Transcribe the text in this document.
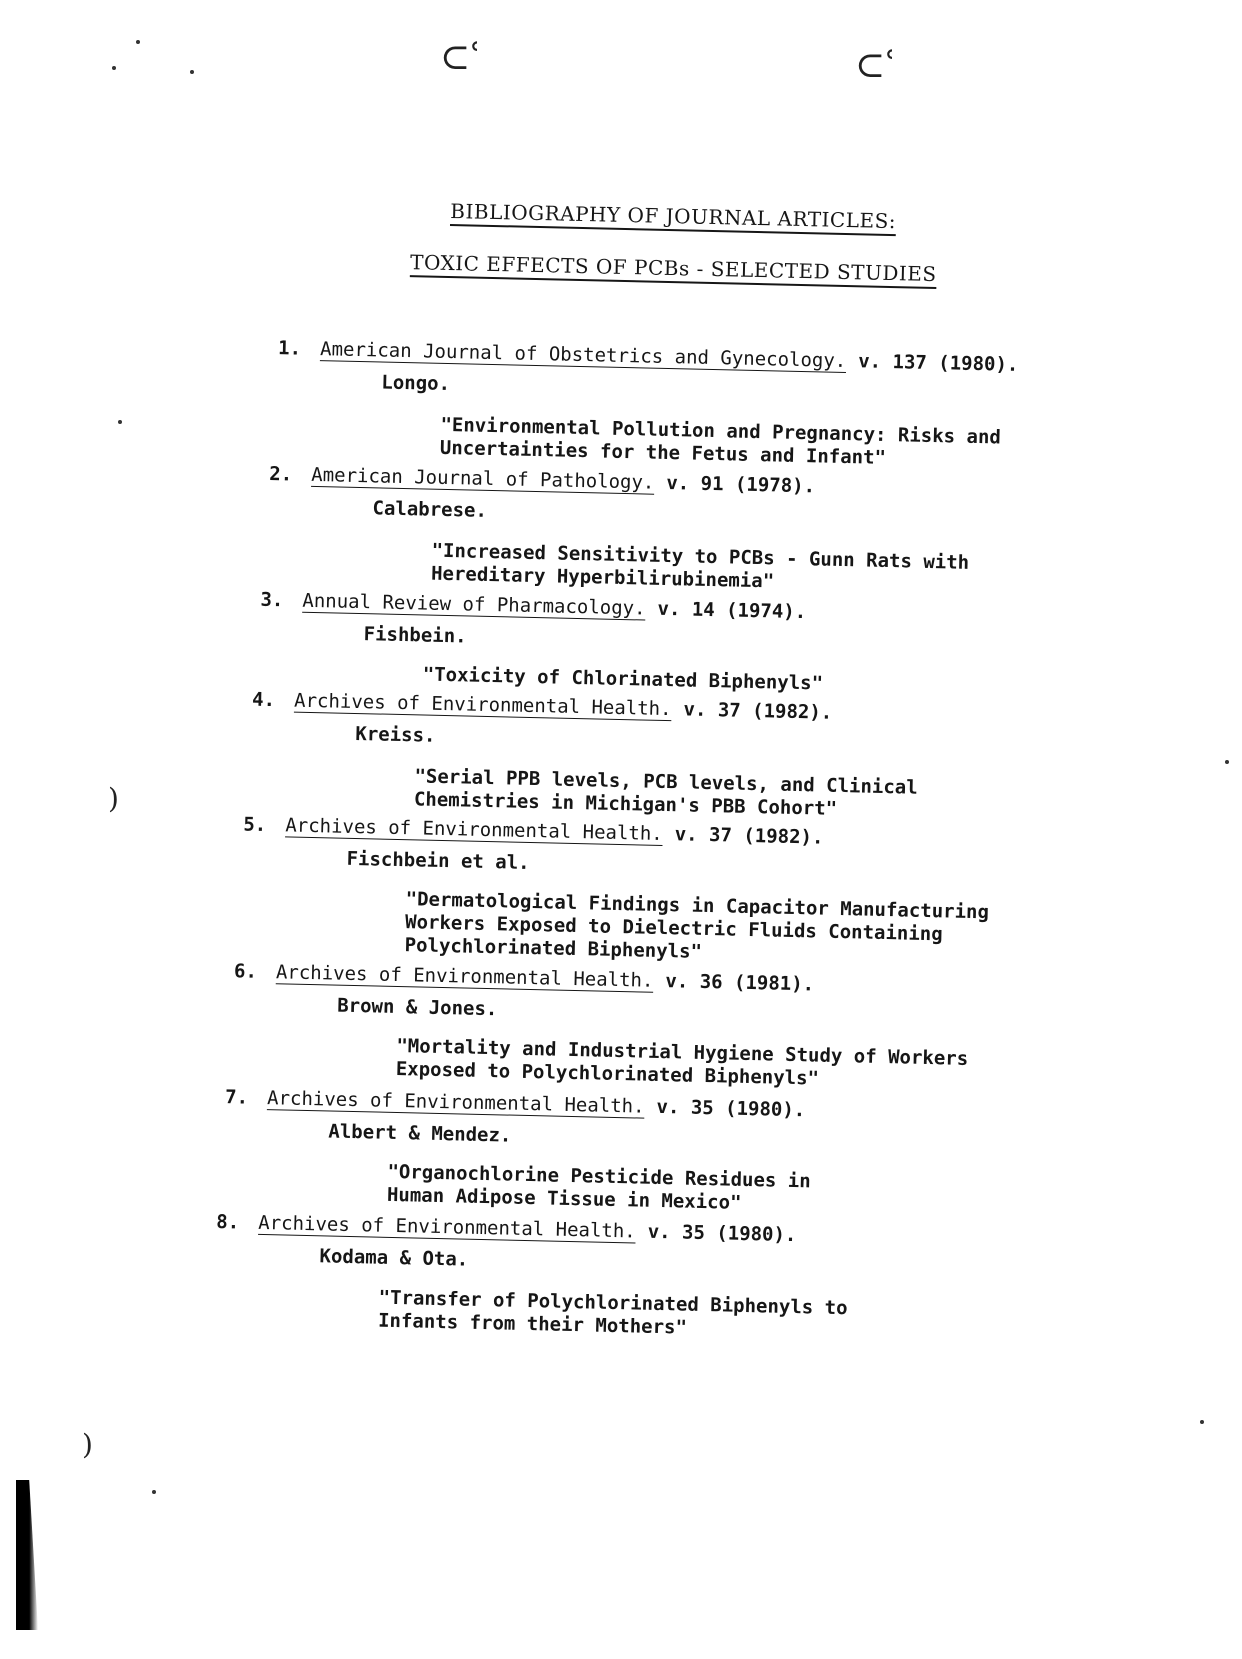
⊂ʿ	⊂ʿ
)
)
BIBLIOGRAPHY OF JOURNAL ARTICLES:
TOXIC EFFECTS OF PCBs - SELECTED STUDIES
1. American Journal of Obstetrics and Gynecology. v. 137 (1980).
Longo.
"Environmental Pollution and Pregnancy: Risks and
Uncertainties for the Fetus and Infant"
2. American Journal of Pathology. v. 91 (1978).
Calabrese.
"Increased Sensitivity to PCBs - Gunn Rats with
Hereditary Hyperbilirubinemia"
3. Annual Review of Pharmacology. v. 14 (1974).
Fishbein.
"Toxicity of Chlorinated Biphenyls"
4. Archives of Environmental Health. v. 37 (1982).
Kreiss.
"Serial PPB levels, PCB levels, and Clinical
Chemistries in Michigan's PBB Cohort"
5. Archives of Environmental Health. v. 37 (1982).
Fischbein et al.
"Dermatological Findings in Capacitor Manufacturing
Workers Exposed to Dielectric Fluids Containing
Polychlorinated Biphenyls"
6. Archives of Environmental Health. v. 36 (1981).
Brown & Jones.
"Mortality and Industrial Hygiene Study of Workers
Exposed to Polychlorinated Biphenyls"
7. Archives of Environmental Health. v. 35 (1980).
Albert & Mendez.
"Organochlorine Pesticide Residues in
Human Adipose Tissue in Mexico"
8. Archives of Environmental Health. v. 35 (1980).
Kodama & Ota.
"Transfer of Polychlorinated Biphenyls to
Infants from their Mothers"
